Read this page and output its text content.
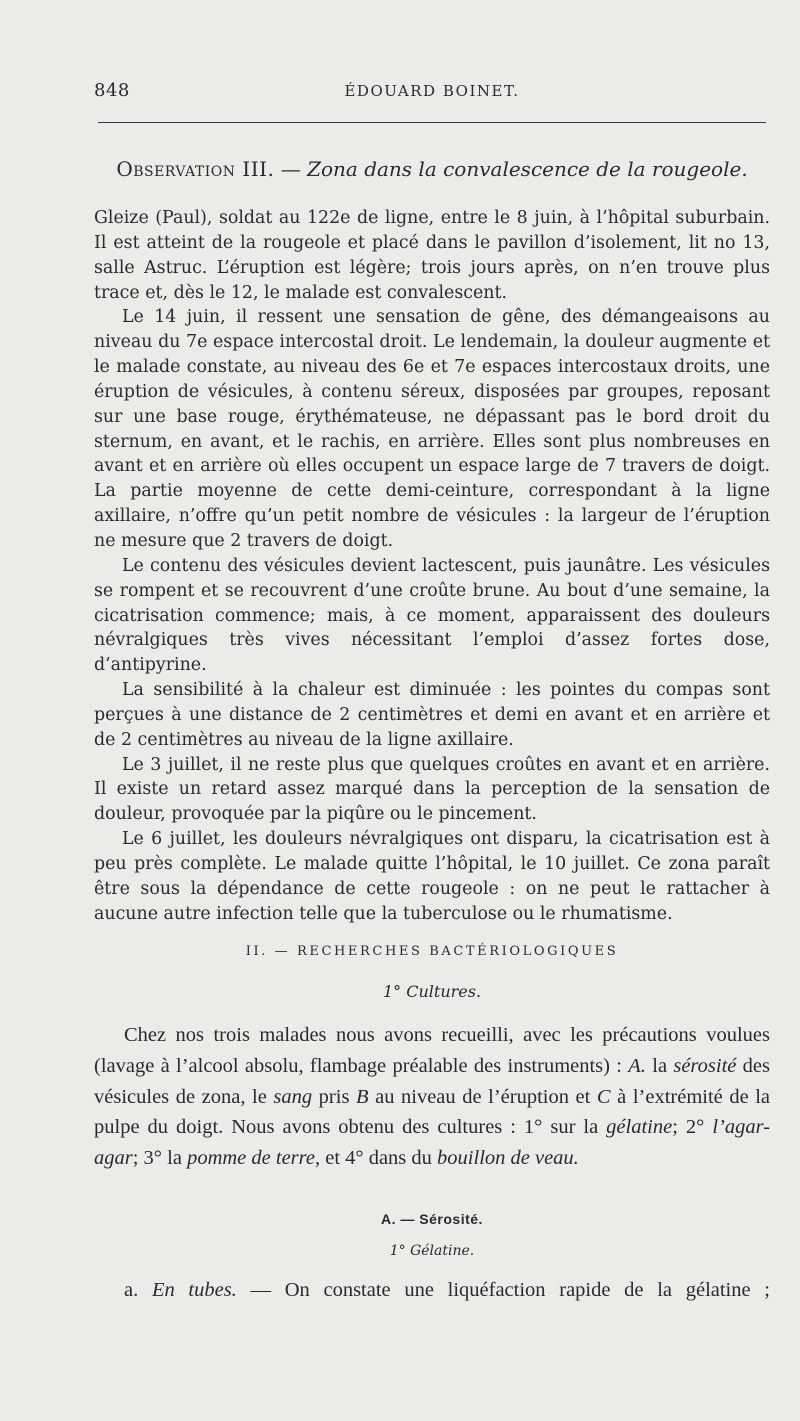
848	ÉDOUARD BOINET.
Observation III. — Zona dans la convalescence de la rougeole.

Gleize (Paul), soldat au 122e de ligne, entre le 8 juin, à l’hôpital suburbain. Il est atteint de la rougeole et placé dans le pavillon d’isolement, lit no 13, salle Astruc. L’éruption est légère; trois jours après, on n’en trouve plus trace et, dès le 12, le malade est convalescent.

Le 14 juin, il ressent une sensation de gêne, des démangeaisons au niveau du 7e espace intercostal droit. Le lendemain, la douleur augmente et le malade constate, au niveau des 6e et 7e espaces intercostaux droits, une éruption de vésicules, à contenu séreux, disposées par groupes, reposant sur une base rouge, érythémateuse, ne dépassant pas le bord droit du sternum, en avant, et le rachis, en arrière. Elles sont plus nombreuses en avant et en arrière où elles occupent un espace large de 7 travers de doigt. La partie moyenne de cette demi-ceinture, correspondant à la ligne axillaire, n’offre qu’un petit nombre de vésicules : la largeur de l’éruption ne mesure que 2 travers de doigt.

Le contenu des vésicules devient lactescent, puis jaunâtre. Les vésicules se rompent et se recouvrent d’une croûte brune. Au bout d’une semaine, la cicatrisation commence; mais, à ce moment, apparaissent des douleurs névralgiques très vives nécessitant l’emploi d’assez fortes dose, d’antipyrine.

La sensibilité à la chaleur est diminuée : les pointes du compas sont perçues à une distance de 2 centimètres et demi en avant et en arrière et de 2 centimètres au niveau de la ligne axillaire.

Le 3 juillet, il ne reste plus que quelques croûtes en avant et en arrière. Il existe un retard assez marqué dans la perception de la sensation de douleur, provoquée par la piqûre ou le pincement.

Le 6 juillet, les douleurs névralgiques ont disparu, la cicatrisation est à peu près complète. Le malade quitte l’hôpital, le 10 juillet. Ce zona paraît être sous la dépendance de cette rougeole : on ne peut le rattacher à aucune autre infection telle que la tuberculose ou le rhumatisme.

II. — RECHERCHES BACTÉRIOLOGIQUES
1° Cultures.

Chez nos trois malades nous avons recueilli, avec les précautions voulues (lavage à l’alcool absolu, flambage préalable des instruments) : A. la sérosité des vésicules de zona, le sang pris B au niveau de l’éruption et C à l’extrémité de la pulpe du doigt. Nous avons obtenu des cultures : 1° sur la gélatine; 2° l’agar-agar; 3° la pomme de terre, et 4° dans du bouillon de veau.

A. — Sérosité.
1° Gélatine.

a. En tubes. — On constate une liquéfaction rapide de la gélatine ;
